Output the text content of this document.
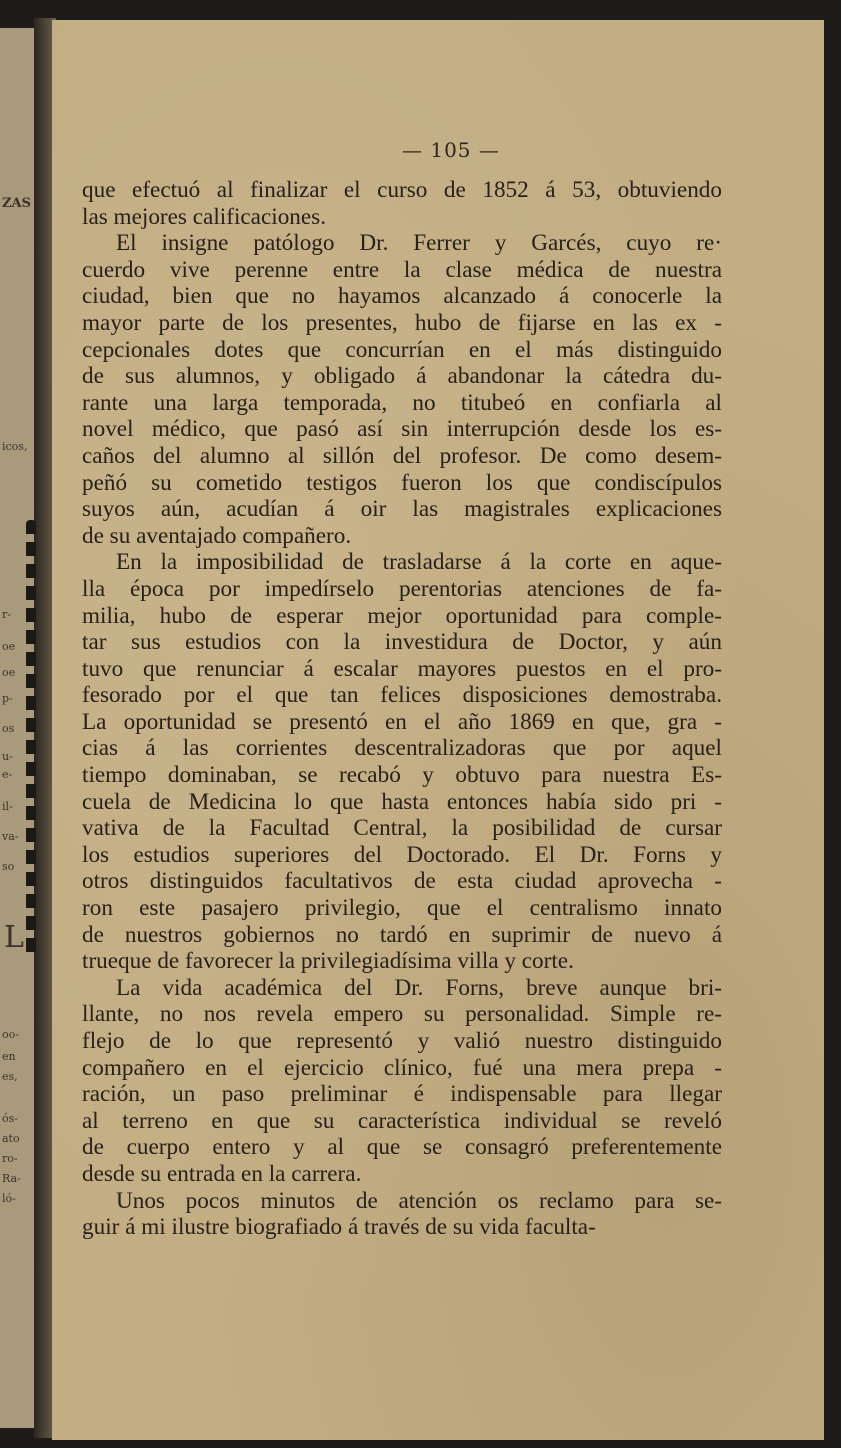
ZAS
icos,
r-
oe
oe
p-
os
u-
e-
il-
va-
so
L
oo-
en
es,
ós-
ato
ro-
Ra-
ló-
— 105 —
que efectuó al finalizar el curso de 1852 á 53, obtuviendo
las mejores calificaciones.
El insigne patólogo Dr. Ferrer y Garcés, cuyo re·
cuerdo vive perenne entre la clase médica de nuestra
ciudad, bien que no hayamos alcanzado á conocerle la
mayor parte de los presentes, hubo de fijarse en las ex -
cepcionales dotes que concurrían en el más distinguido
de sus alumnos, y obligado á abandonar la cátedra du-
rante una larga temporada, no titubeó en confiarla al
novel médico, que pasó así sin interrupción desde los es-
caños del alumno al sillón del profesor. De como desem-
peñó su cometido testigos fueron los que condiscípulos
suyos aún, acudían á oir las magistrales explicaciones
de su aventajado compañero.
En la imposibilidad de trasladarse á la corte en aque-
lla época por impedírselo perentorias atenciones de fa-
milia, hubo de esperar mejor oportunidad para comple-
tar sus estudios con la investidura de Doctor, y aún
tuvo que renunciar á escalar mayores puestos en el pro-
fesorado por el que tan felices disposiciones demostraba.
La oportunidad se presentó en el año 1869 en que, gra -
cias á las corrientes descentralizadoras que por aquel
tiempo dominaban, se recabó y obtuvo para nuestra Es-
cuela de Medicina lo que hasta entonces había sido pri -
vativa de la Facultad Central, la posibilidad de cursar
los estudios superiores del Doctorado. El Dr. Forns y
otros distinguidos facultativos de esta ciudad aprovecha -
ron este pasajero privilegio, que el centralismo innato
de nuestros gobiernos no tardó en suprimir de nuevo á
trueque de favorecer la privilegiadísima villa y corte.
La vida académica del Dr. Forns, breve aunque bri-
llante, no nos revela empero su personalidad. Simple re-
flejo de lo que representó y valió nuestro distinguido
compañero en el ejercicio clínico, fué una mera prepa -
ración, un paso preliminar é indispensable para llegar
al terreno en que su característica individual se reveló
de cuerpo entero y al que se consagró preferentemente
desde su entrada en la carrera.
Unos pocos minutos de atención os reclamo para se-
guir á mi ilustre biografiado á través de su vida faculta-
